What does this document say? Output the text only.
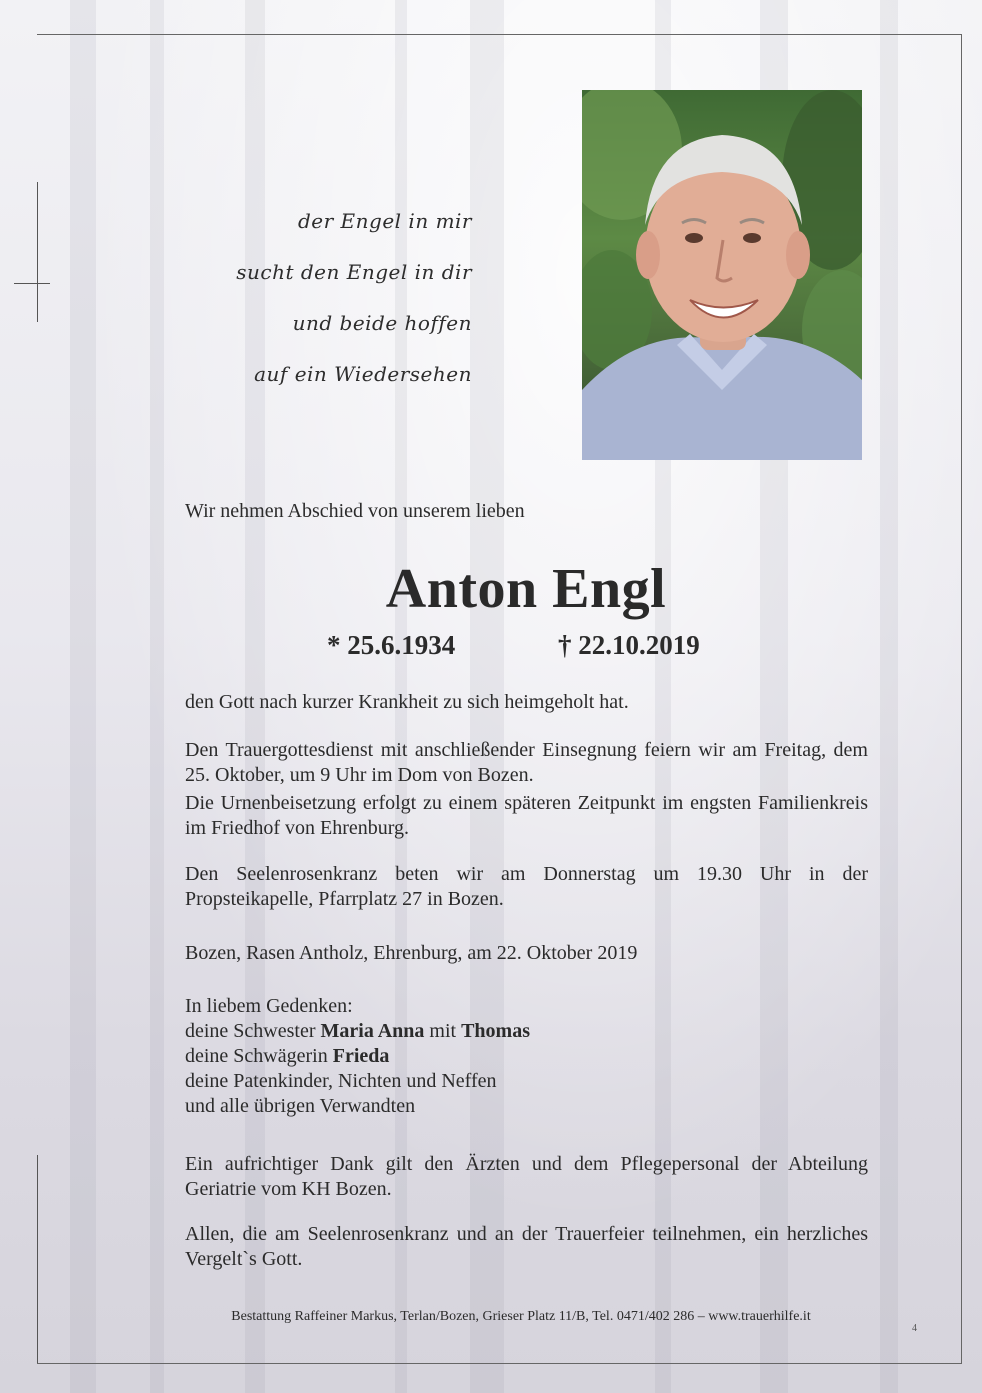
der Engel in mir
sucht den Engel in dir
und beide hoffen
auf ein Wiedersehen
Wir nehmen Abschied von unserem lieben
Anton Engl
* 25.6.1934	† 22.10.2019
den Gott nach kurzer Krankheit zu sich heimgeholt hat.
Den Trauergottesdienst mit anschließender Einsegnung feiern wir am Freitag, dem 25. Oktober, um 9 Uhr im Dom von Bozen.
Die Urnenbeisetzung erfolgt zu einem späteren Zeitpunkt im engsten Familienkreis im Friedhof von Ehrenburg.
Den Seelenrosenkranz beten wir am Donnerstag um 19.30 Uhr in der Propsteikapelle, Pfarrplatz 27 in Bozen.
Bozen, Rasen Antholz, Ehrenburg, am 22. Oktober 2019
In liebem Gedenken:
deine Schwester Maria Anna mit Thomas
deine Schwägerin Frieda
deine Patenkinder, Nichten und Neffen
und alle übrigen Verwandten
Ein aufrichtiger Dank gilt den Ärzten und dem Pflegepersonal der Abteilung Geriatrie vom KH Bozen.
Allen, die am Seelenrosenkranz und an der Trauerfeier teilnehmen, ein herzliches Vergelt`s Gott.
Bestattung Raffeiner Markus, Terlan/Bozen, Grieser Platz 11/B, Tel. 0471/402 286 – www.trauerhilfe.it
4
